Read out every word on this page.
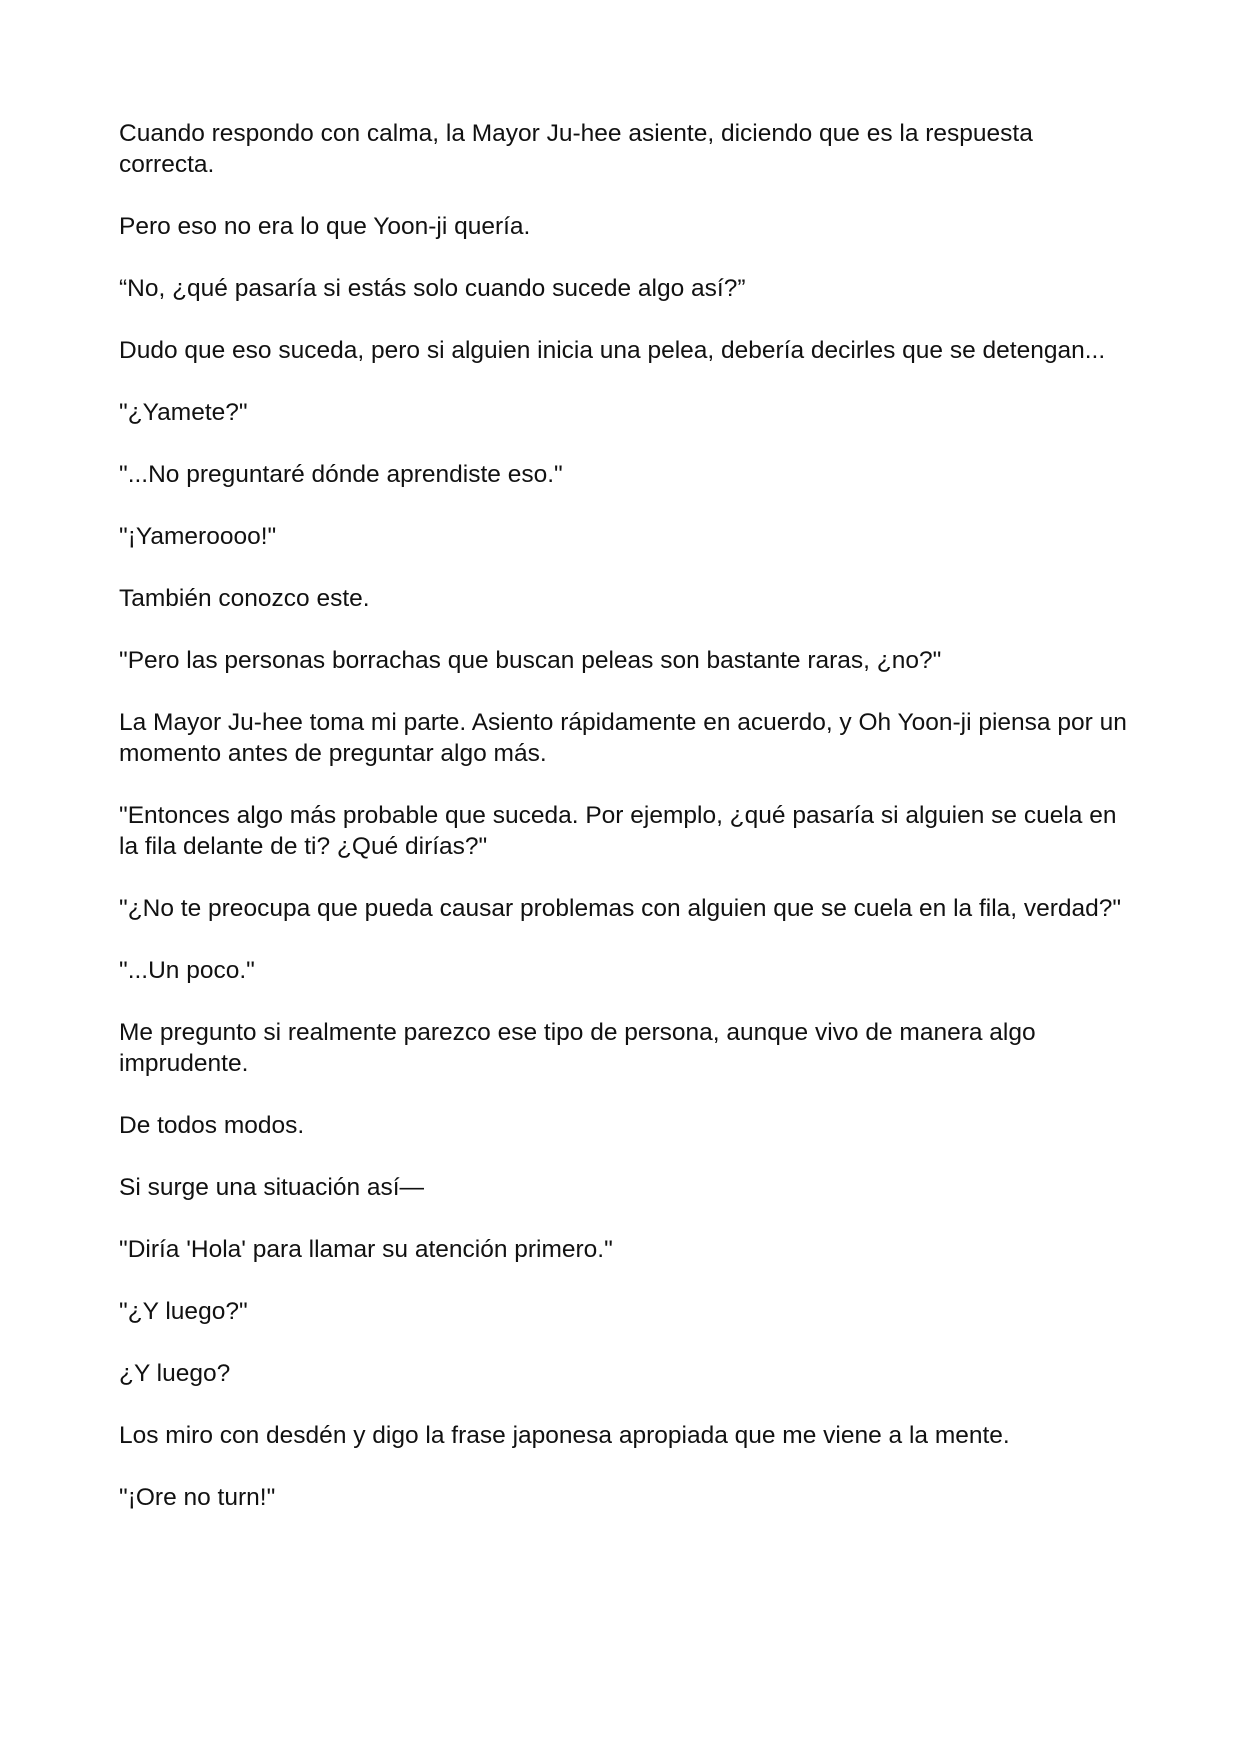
Cuando respondo con calma, la Mayor Ju-hee asiente, diciendo que es la respuesta correcta.

Pero eso no era lo que Yoon-ji quería.

“No, ¿qué pasaría si estás solo cuando sucede algo así?”

Dudo que eso suceda, pero si alguien inicia una pelea, debería decirles que se detengan...

"¿Yamete?"

"...No preguntaré dónde aprendiste eso."

"¡Yameroooo!"

También conozco este.

"Pero las personas borrachas que buscan peleas son bastante raras, ¿no?"

La Mayor Ju-hee toma mi parte. Asiento rápidamente en acuerdo, y Oh Yoon-ji piensa por un momento antes de preguntar algo más.

"Entonces algo más probable que suceda. Por ejemplo, ¿qué pasaría si alguien se cuela en la fila delante de ti? ¿Qué dirías?"

"¿No te preocupa que pueda causar problemas con alguien que se cuela en la fila, verdad?"

"...Un poco."

Me pregunto si realmente parezco ese tipo de persona, aunque vivo de manera algo imprudente.

De todos modos.

Si surge una situación así—

"Diría 'Hola' para llamar su atención primero."

"¿Y luego?"

¿Y luego?

Los miro con desdén y digo la frase japonesa apropiada que me viene a la mente.

"¡Ore no turn!"
